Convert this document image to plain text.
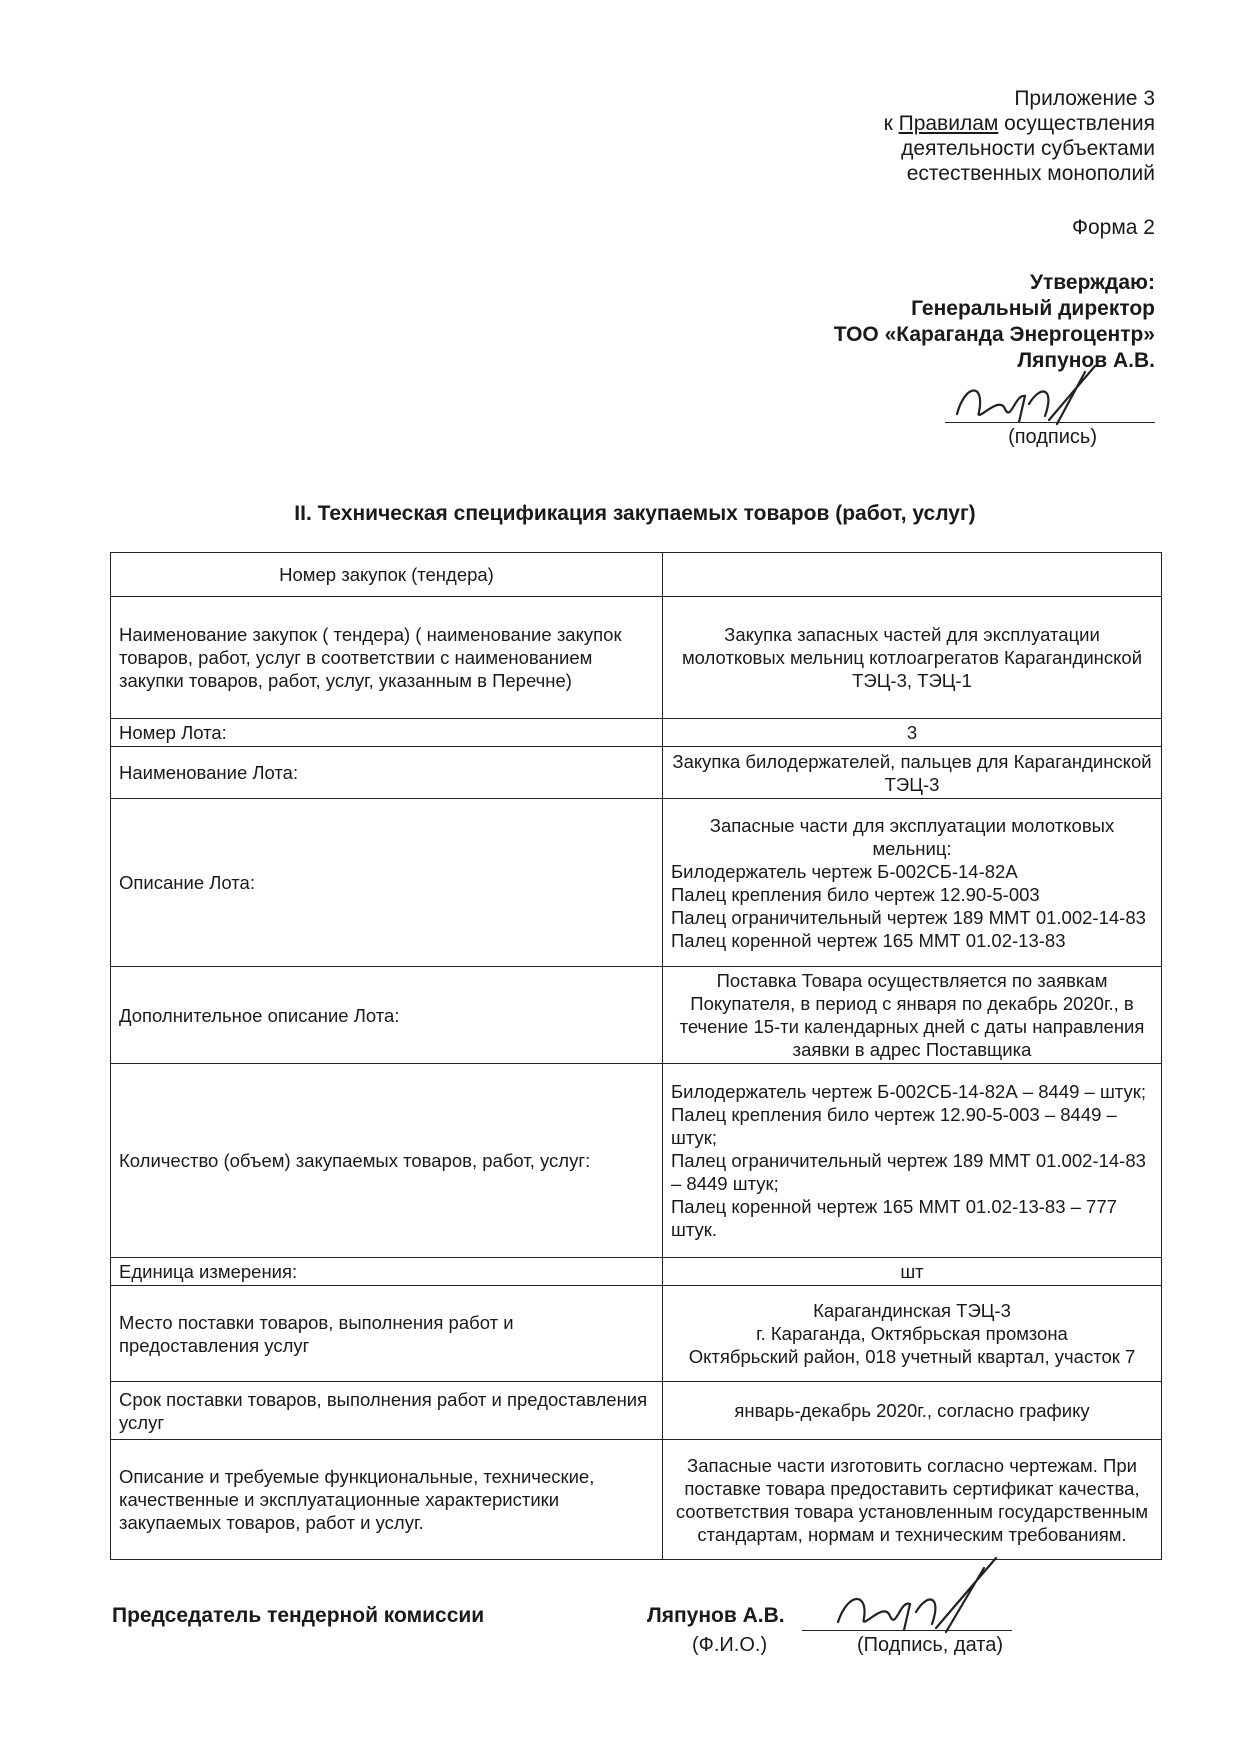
Приложение 3
к Правилам осуществления
деятельности субъектами
естественных монополий
Форма 2
Утверждаю:
Генеральный директор
ТОО «Караганда Энергоцентр»
Ляпунов А.В.
(подпись)
II. Техническая спецификация закупаемых товаров (работ, услуг)
Номер закупок (тендера)	
Наименование закупок ( тендера) ( наименование закупок товаров, работ, услуг в соответствии с наименованием закупки товаров, работ, услуг, указанным в Перечне)	Закупка запасных частей для эксплуатации молотковых мельниц котлоагрегатов Карагандинской ТЭЦ-3, ТЭЦ-1
Номер Лота:	3
Наименование Лота:	Закупка билодержателей, пальцев для Карагандинской ТЭЦ-3
Описание Лота:	Запасные части для эксплуатации молотковых мельниц:
Билодержатель чертеж Б-002СБ-14-82А
Палец крепления било чертеж 12.90-5-003
Палец ограничительный чертеж 189 ММТ 01.002-14-83
Палец коренной чертеж 165 ММТ 01.02-13-83

Дополнительное описание Лота:	Поставка Товара осуществляется по заявкам Покупателя, в период с января по декабрь 2020г., в течение 15-ти календарных дней с даты направления заявки в адрес Поставщика
Количество (объем) закупаемых товаров, работ, услуг:	Билодержатель чертеж Б-002СБ-14-82А – 8449 – штук;
Палец крепления било чертеж 12.90-5-003 – 8449 – штук;
Палец ограничительный чертеж 189 ММТ 01.002-14-83 – 8449 штук;
Палец коренной чертеж 165 ММТ 01.02-13-83 – 777 штук.

Единица измерения:	шт
Место поставки товаров, выполнения работ и предоставления услуг	Карагандинская ТЭЦ-3
г. Караганда, Октябрьская промзона
Октябрьский район, 018 учетный квартал, участок 7

Срок поставки товаров, выполнения работ и предоставления услуг	январь-декабрь 2020г., согласно графику
Описание и требуемые функциональные, технические, качественные и эксплуатационные характеристики закупаемых товаров, работ и услуг.	Запасные части изготовить согласно чертежам. При поставке товара предоставить сертификат качества, соответствия товара установленным государственным стандартам, нормам и техническим требованиям.
Председатель тендерной комиссии	Ляпунов А.В.
(Ф.И.О.)	(Подпись, дата)
